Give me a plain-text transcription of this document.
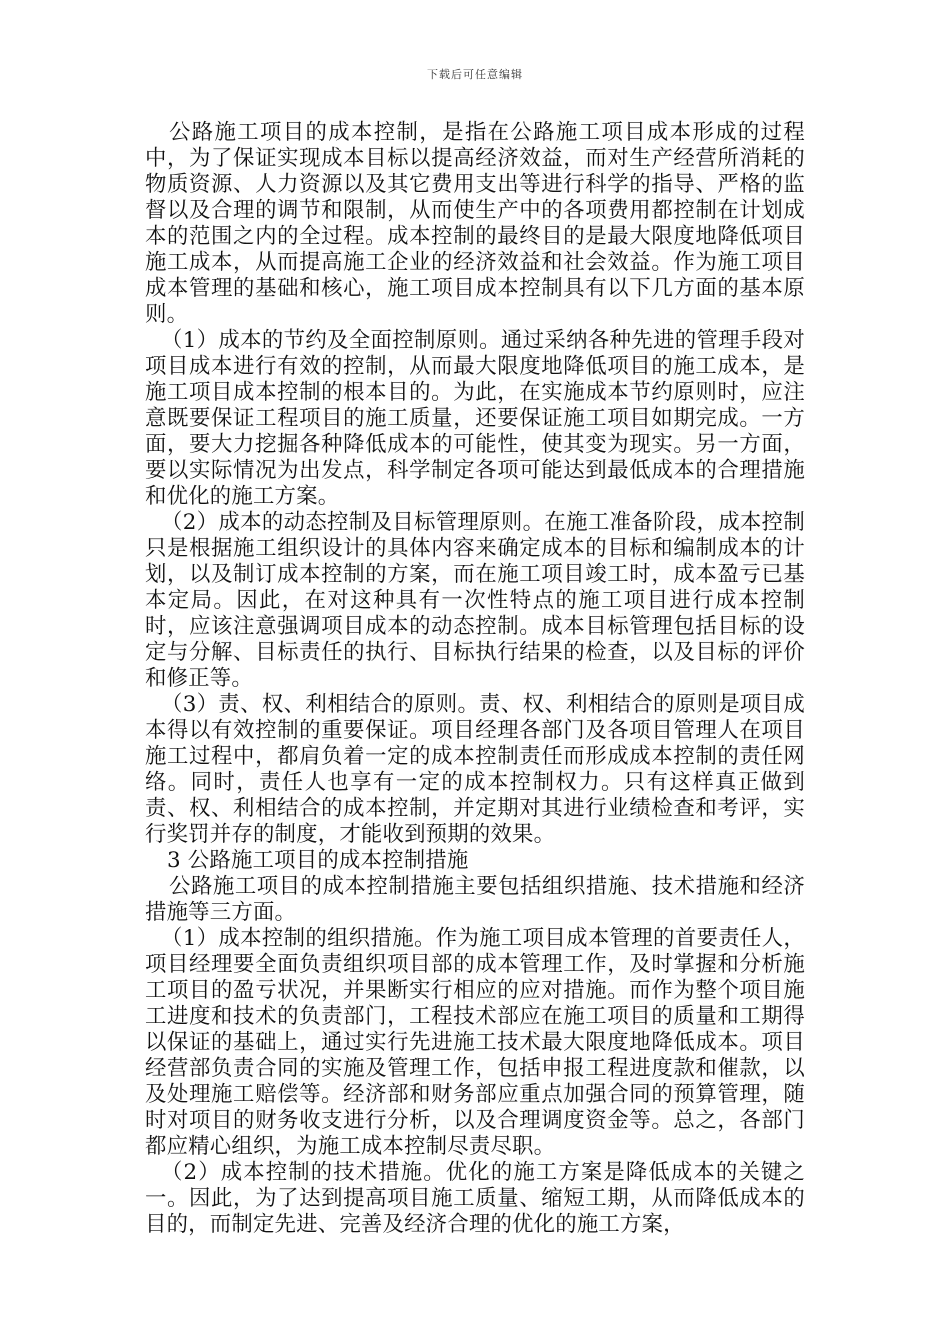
下载后可任意编辑

公路施工项目的成本控制，是指在公路施工项目成本形成的过程中，为了保证实现成本目标以提高经济效益，而对生产经营所消耗的物质资源、人力资源以及其它费用支出等进行科学的指导、严格的监督以及合理的调节和限制，从而使生产中的各项费用都控制在计划成本的范围之内的全过程。成本控制的最终目的是最大限度地降低项目施工成本，从而提高施工企业的经济效益和社会效益。作为施工项目成本管理的基础和核心，施工项目成本控制具有以下几方面的基本原则。

（1）成本的节约及全面控制原则。通过采纳各种先进的管理手段对项目成本进行有效的控制，从而最大限度地降低项目的施工成本，是施工项目成本控制的根本目的。为此，在实施成本节约原则时，应注意既要保证工程项目的施工质量，还要保证施工项目如期完成。一方面，要大力挖掘各种降低成本的可能性，使其变为现实。另一方面，要以实际情况为出发点，科学制定各项可能达到最低成本的合理措施和优化的施工方案。

（2）成本的动态控制及目标管理原则。在施工准备阶段，成本控制只是根据施工组织设计的具体内容来确定成本的目标和编制成本的计划，以及制订成本控制的方案，而在施工项目竣工时，成本盈亏已基本定局。因此，在对这种具有一次性特点的施工项目进行成本控制时，应该注意强调项目成本的动态控制。成本目标管理包括目标的设定与分解、目标责任的执行、目标执行结果的检查，以及目标的评价和修正等。

（3）责、权、利相结合的原则。责、权、利相结合的原则是项目成本得以有效控制的重要保证。项目经理各部门及各项目管理人在项目施工过程中，都肩负着一定的成本控制责任而形成成本控制的责任网络。同时，责任人也享有一定的成本控制权力。只有这样真正做到责、权、利相结合的成本控制，并定期对其进行业绩检查和考评，实行奖罚并存的制度，才能收到预期的效果。

3 公路施工项目的成本控制措施

公路施工项目的成本控制措施主要包括组织措施、技术措施和经济措施等三方面。

（1）成本控制的组织措施。作为施工项目成本管理的首要责任人，项目经理要全面负责组织项目部的成本管理工作，及时掌握和分析施工项目的盈亏状况，并果断实行相应的应对措施。而作为整个项目施工进度和技术的负责部门，工程技术部应在施工项目的质量和工期得以保证的基础上，通过实行先进施工技术最大限度地降低成本。项目经营部负责合同的实施及管理工作，包括申报工程进度款和催款，以及处理施工赔偿等。经济部和财务部应重点加强合同的预算管理，随时对项目的财务收支进行分析，以及合理调度资金等。总之，各部门都应精心组织，为施工成本控制尽责尽职。

（2）成本控制的技术措施。优化的施工方案是降低成本的关键之一。因此，为了达到提高项目施工质量、缩短工期，从而降低成本的目的，而制定先进、完善及经济合理的优化的施工方案，
